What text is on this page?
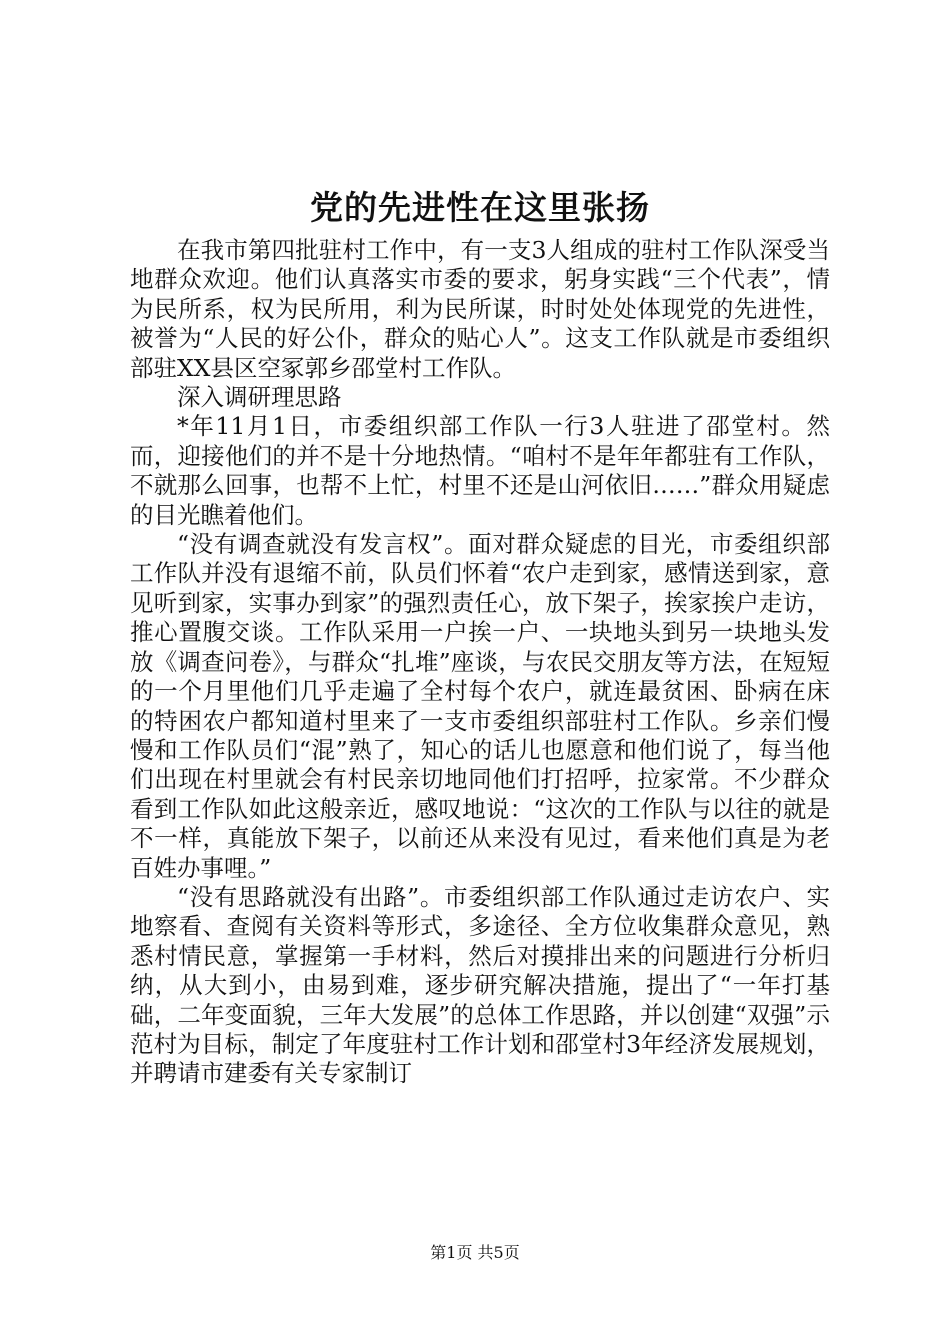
党的先进性在这里张扬

在我市第四批驻村工作中，有一支3人组成的驻村工作队深受当地群众欢迎。他们认真落实市委的要求，躬身实践“三个代表”，情为民所系，权为民所用，利为民所谋，时时处处体现党的先进性，被誉为“人民的好公仆，群众的贴心人”。这支工作队就是市委组织部驻XX县区空冢郭乡邵堂村工作队。

深入调研理思路

*年11月1日，市委组织部工作队一行3人驻进了邵堂村。然而，迎接他们的并不是十分地热情。“咱村不是年年都驻有工作队，不就那么回事，也帮不上忙，村里不还是山河依旧……”群众用疑虑的目光瞧着他们。

“没有调查就没有发言权”。面对群众疑虑的目光，市委组织部工作队并没有退缩不前，队员们怀着“农户走到家，感情送到家，意见听到家，实事办到家”的强烈责任心，放下架子，挨家挨户走访，推心置腹交谈。工作队采用一户挨一户、一块地头到另一块地头发放《调查问卷》，与群众“扎堆”座谈，与农民交朋友等方法，在短短的一个月里他们几乎走遍了全村每个农户，就连最贫困、卧病在床的特困农户都知道村里来了一支市委组织部驻村工作队。乡亲们慢慢和工作队员们“混”熟了，知心的话儿也愿意和他们说了，每当他们出现在村里就会有村民亲切地同他们打招呼，拉家常。不少群众看到工作队如此这般亲近，感叹地说：“这次的工作队与以往的就是不一样，真能放下架子，以前还从来没有见过，看来他们真是为老百姓办事哩。”

“没有思路就没有出路”。市委组织部工作队通过走访农户、实地察看、查阅有关资料等形式，多途径、全方位收集群众意见，熟悉村情民意，掌握第一手材料，然后对摸排出来的问题进行分析归纳，从大到小，由易到难，逐步研究解决措施，提出了“一年打基础，二年变面貌，三年大发展”的总体工作思路，并以创建“双强”示范村为目标，制定了年度驻村工作计划和邵堂村3年经济发展规划，并聘请市建委有关专家制订

第1页 共5页
